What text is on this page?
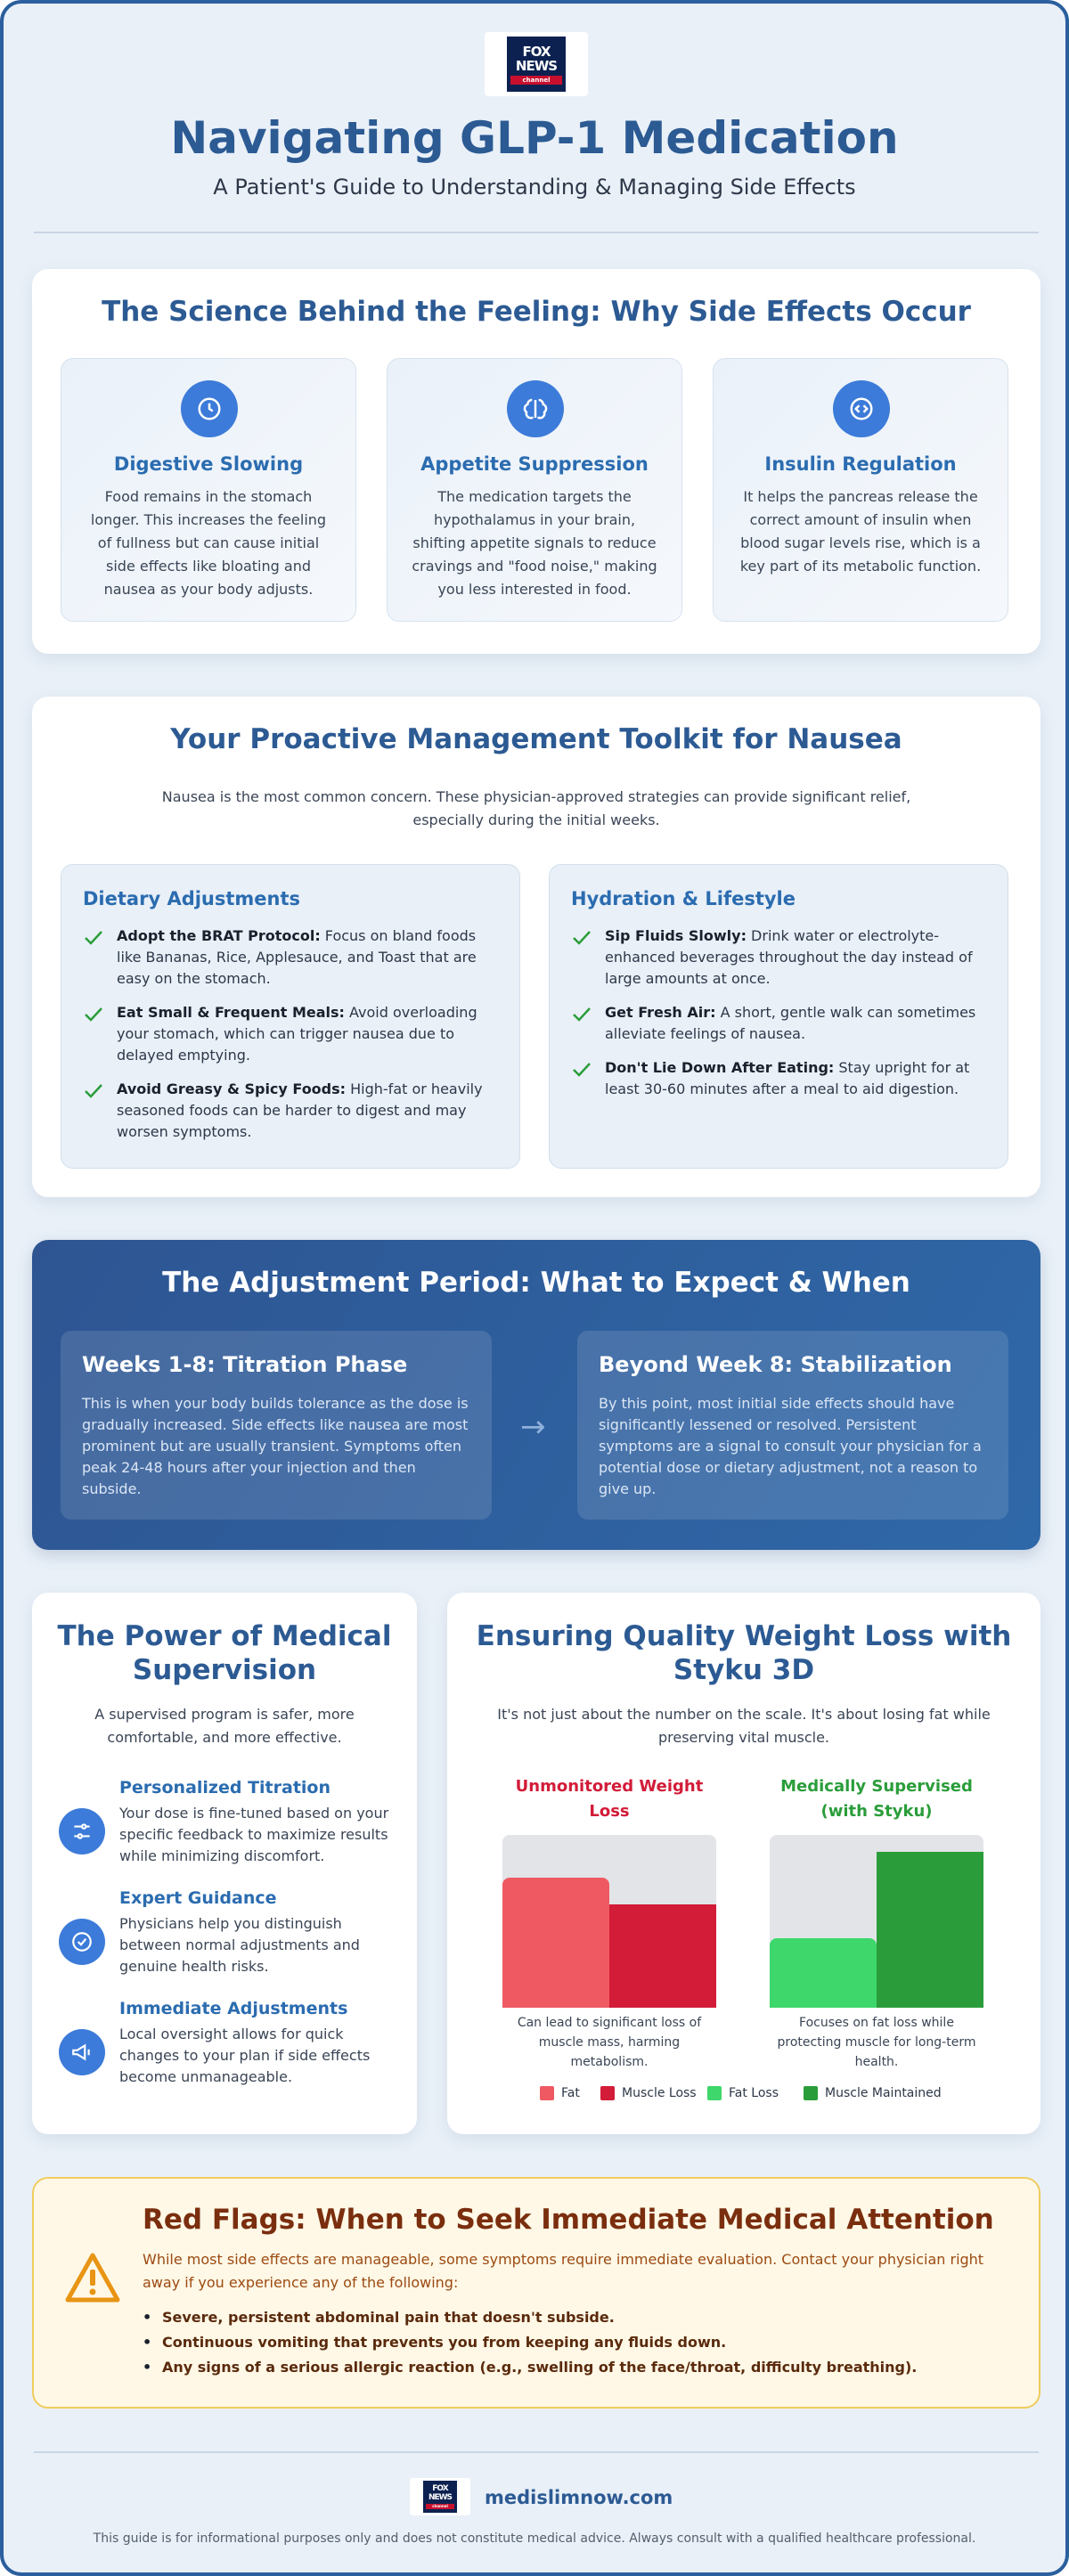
FOX
NEWS
channel
Navigating GLP-1 Medication
A Patient's Guide to Understanding & Managing Side Effects
The Science Behind the Feeling: Why Side Effects Occur
Digestive Slowing
Food remains in the stomach longer. This increases the feeling of fullness but can cause initial side effects like bloating and nausea as your body adjusts.
Appetite Suppression
The medication targets the hypothalamus in your brain, shifting appetite signals to reduce cravings and "food noise," making you less interested in food.
Insulin Regulation
It helps the pancreas release the correct amount of insulin when blood sugar levels rise, which is a key part of its metabolic function.
Your Proactive Management Toolkit for Nausea
Nausea is the most common concern. These physician-approved strategies can provide significant relief, especially during the initial weeks.
Dietary Adjustments
Adopt the BRAT Protocol: Focus on bland foods like Bananas, Rice, Applesauce, and Toast that are easy on the stomach.
Eat Small & Frequent Meals: Avoid overloading your stomach, which can trigger nausea due to delayed emptying.
Avoid Greasy & Spicy Foods: High-fat or heavily seasoned foods can be harder to digest and may worsen symptoms.
Hydration & Lifestyle
Sip Fluids Slowly: Drink water or electrolyte-enhanced beverages throughout the day instead of large amounts at once.
Get Fresh Air: A short, gentle walk can sometimes alleviate feelings of nausea.
Don't Lie Down After Eating: Stay upright for at least 30-60 minutes after a meal to aid digestion.
The Adjustment Period: What to Expect & When
Weeks 1-8: Titration Phase

This is when your body builds tolerance as the dose is gradually increased. Side effects like nausea are most prominent but are usually transient. Symptoms often peak 24-48 hours after your injection and then subside.

→
Beyond Week 8: Stabilization

By this point, most initial side effects should have significantly lessened or resolved. Persistent symptoms are a signal to consult your physician for a potential dose or dietary adjustment, not a reason to give up.

The Power of Medical Supervision
A supervised program is safer, more comfortable, and more effective.
Personalized Titration
Your dose is fine-tuned based on your specific feedback to maximize results while minimizing discomfort.
Expert Guidance
Physicians help you distinguish between normal adjustments and genuine health risks.
Immediate Adjustments
Local oversight allows for quick changes to your plan if side effects become unmanageable.
Ensuring Quality Weight Loss with Styku 3D
It's not just about the number on the scale. It's about losing fat while preserving vital muscle.
Unmonitored Weight Loss
Can lead to significant loss of muscle mass, harming metabolism.
Medically Supervised (with Styku)
Focuses on fat loss while protecting muscle for long-term health.
Fat	Muscle Loss	Fat Loss	Muscle Maintained
Red Flags: When to Seek Immediate Medical Attention
While most side effects are manageable, some symptoms require immediate evaluation. Contact your physician right away if you experience any of the following:
• Severe, persistent abdominal pain that doesn't subside.
• Continuous vomiting that prevents you from keeping any fluids down.
• Any signs of a serious allergic reaction (e.g., swelling of the face/throat, difficulty breathing).
FOX
NEWS
channel	medislimnow.com
This guide is for informational purposes only and does not constitute medical advice. Always consult with a qualified healthcare professional.
